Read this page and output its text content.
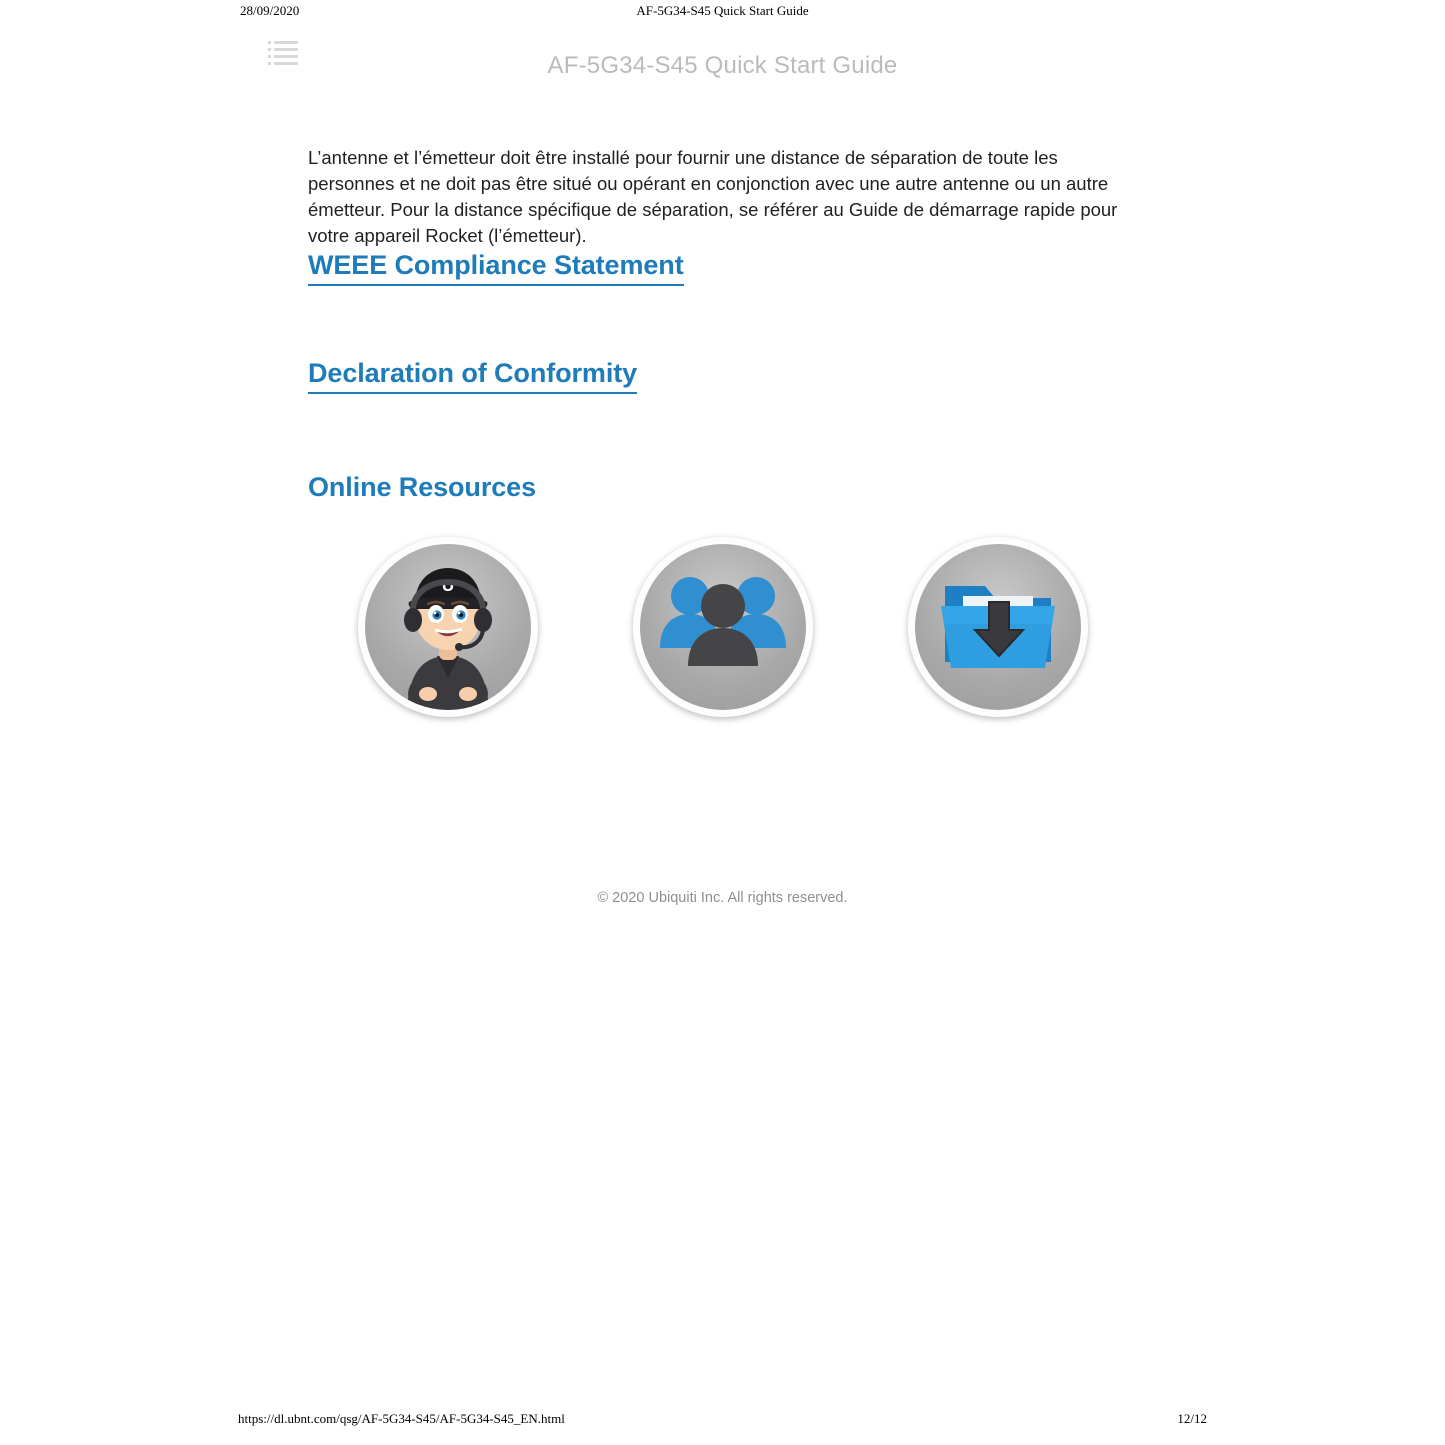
28/09/2020	AF-5G34-S45 Quick Start Guide
AF-5G34-S45 Quick Start Guide

L’antenne et l’émetteur doit être installé pour fournir une distance de séparation de toute les personnes et ne doit pas être situé ou opérant en conjonction avec une autre antenne ou un autre émetteur. Pour la distance spécifique de séparation, se référer au Guide de démarrage rapide pour votre appareil Rocket (l’émetteur).

WEEE Compliance Statement
Declaration of Conformity
Online Resources
U
© 2020 Ubiquiti Inc. All rights reserved.
https://dl.ubnt.com/qsg/AF-5G34-S45/AF-5G34-S45_EN.html	12/12
